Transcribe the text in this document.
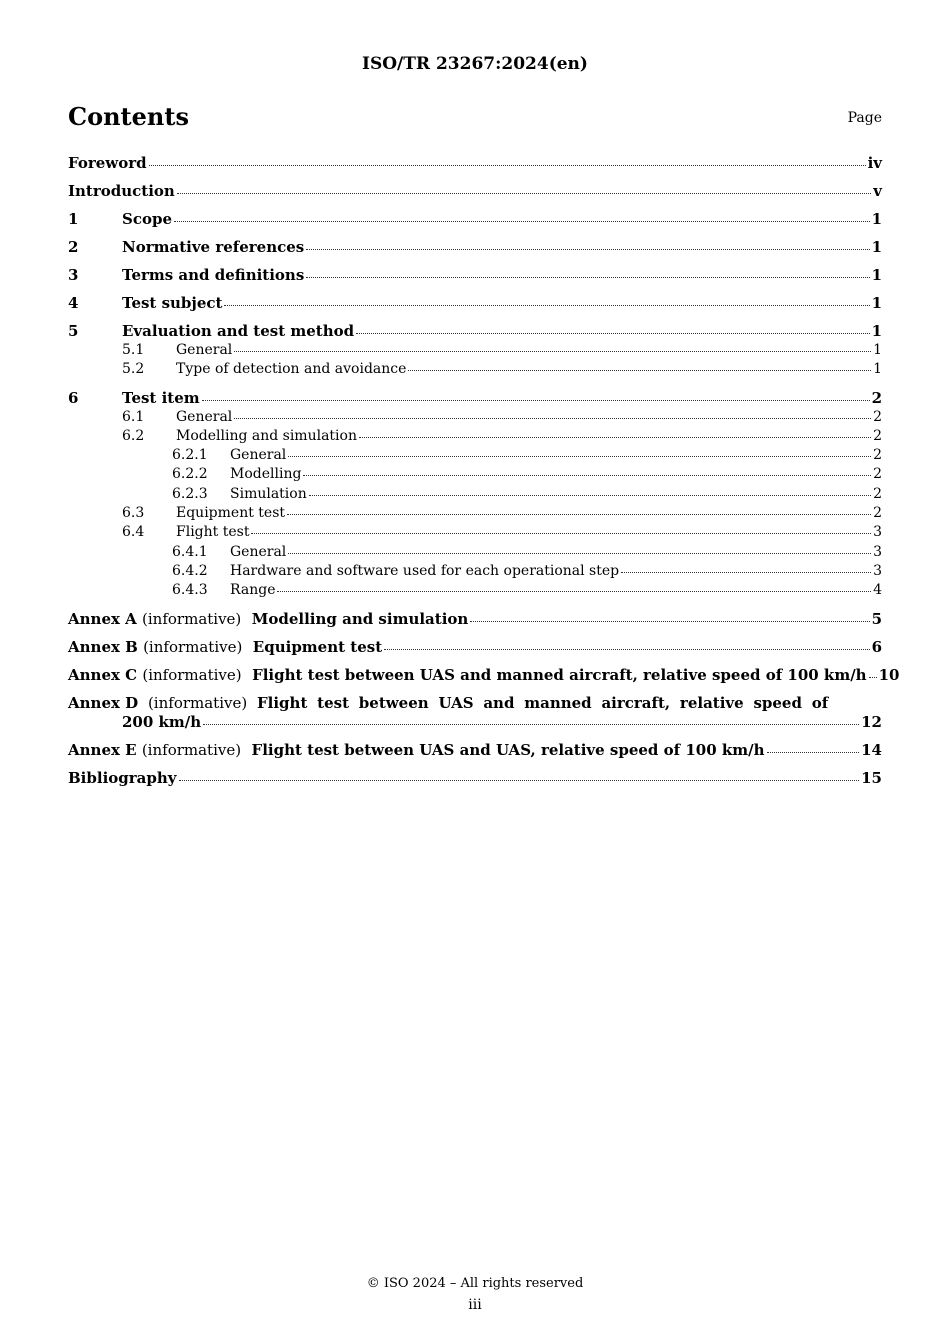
ISO/TR 23267:2024(en)
Contents	Page
Foreword	iv
Introduction	v
1	Scope	1
2	Normative references	1
3	Terms and definitions	1
4	Test subject	1
5	Evaluation and test method	1
5.1	General	1
5.2	Type of detection and avoidance	1
6	Test item	2
6.1	General	2
6.2	Modelling and simulation	2
6.2.1	General	2
6.2.2	Modelling	2
6.2.3	Simulation	2
6.3	Equipment test	2
6.4	Flight test	3
6.4.1	General	3
6.4.2	Hardware and software used for each operational step	3
6.4.3	Range	4
Annex A (informative) Modelling and simulation	5
Annex B (informative) Equipment test	6
Annex C (informative) Flight test between UAS and manned aircraft, relative speed of 100 km/h 10
Annex D (informative) Flight test between UAS and manned aircraft, relative speed of
200 km/h	12
Annex E (informative) Flight test between UAS and UAS, relative speed of 100 km/h	14
Bibliography	15
© ISO 2024 – All rights reserved
iii
